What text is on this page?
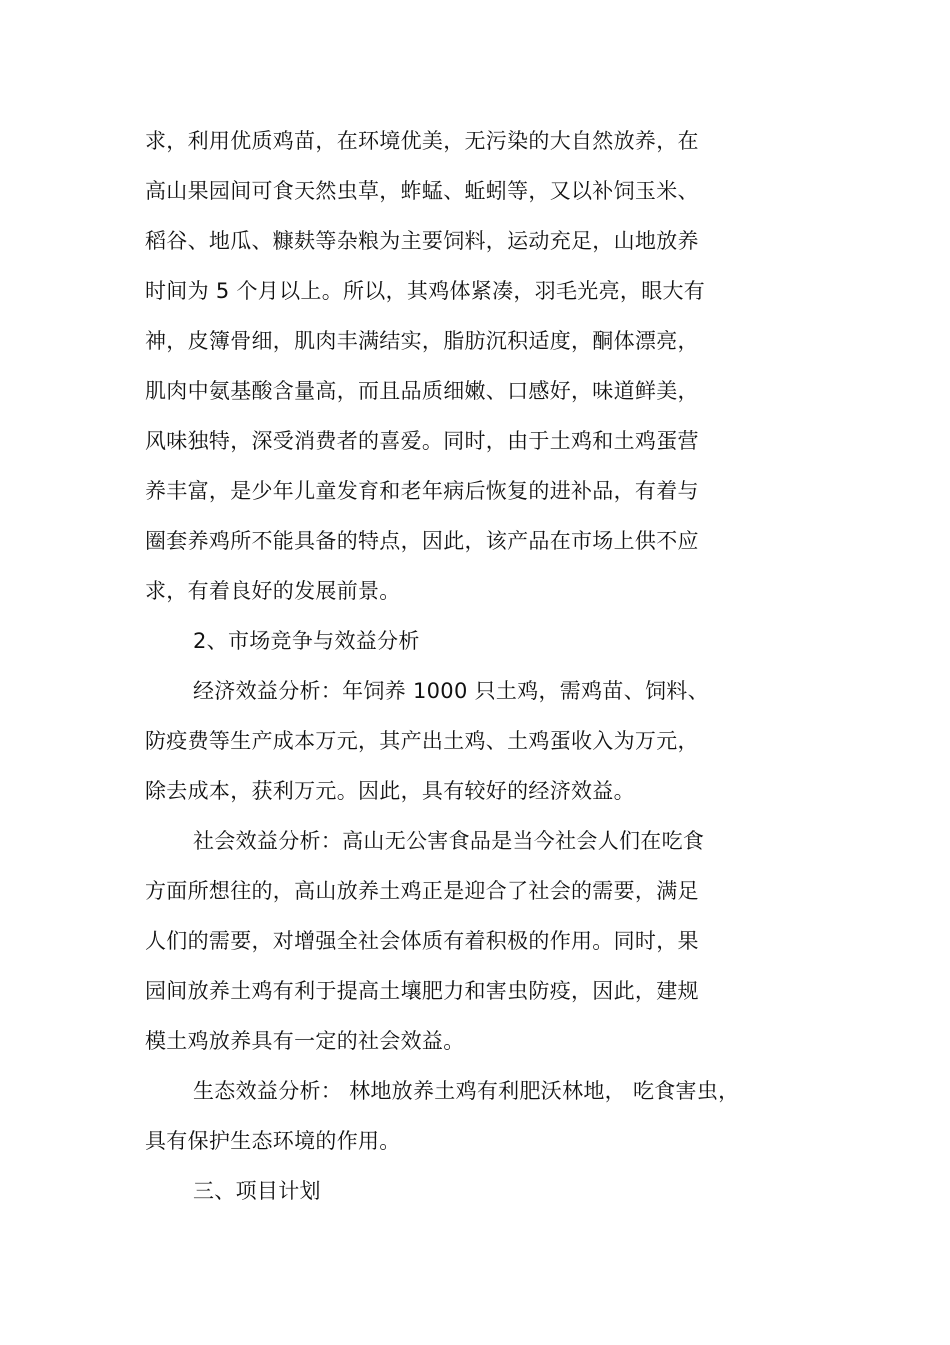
求，利用优质鸡苗，在环境优美，无污染的大自然放养，在
高山果园间可食天然虫草，蚱蜢、蚯蚓等，又以补饲玉米、
稻谷、地瓜、糠麸等杂粮为主要饲料，运动充足，山地放养
时间为 5 个月以上。所以，其鸡体紧凑，羽毛光亮，眼大有
神，皮簿骨细，肌肉丰满结实，脂肪沉积适度，酮体漂亮，
肌肉中氨基酸含量高，而且品质细嫩、口感好，味道鲜美，
风味独特，深受消费者的喜爱。同时，由于土鸡和土鸡蛋营
养丰富，是少年儿童发育和老年病后恢复的进补品，有着与
圈套养鸡所不能具备的特点，因此，该产品在市场上供不应
求，有着良好的发展前景。
2、市场竞争与效益分析
经济效益分析：年饲养 1000 只土鸡，需鸡苗、饲料、
防疫费等生产成本万元，其产出土鸡、土鸡蛋收入为万元，
除去成本，获利万元。因此，具有较好的经济效益。
社会效益分析：高山无公害食品是当今社会人们在吃食
方面所想往的，高山放养土鸡正是迎合了社会的需要，满足
人们的需要，对增强全社会体质有着积极的作用。同时，果
园间放养土鸡有利于提高土壤肥力和害虫防疫，因此，建规
模土鸡放养具有一定的社会效益。
生态效益分析： 林地放养土鸡有利肥沃林地， 吃食害虫，
具有保护生态环境的作用。
三、项目计划
